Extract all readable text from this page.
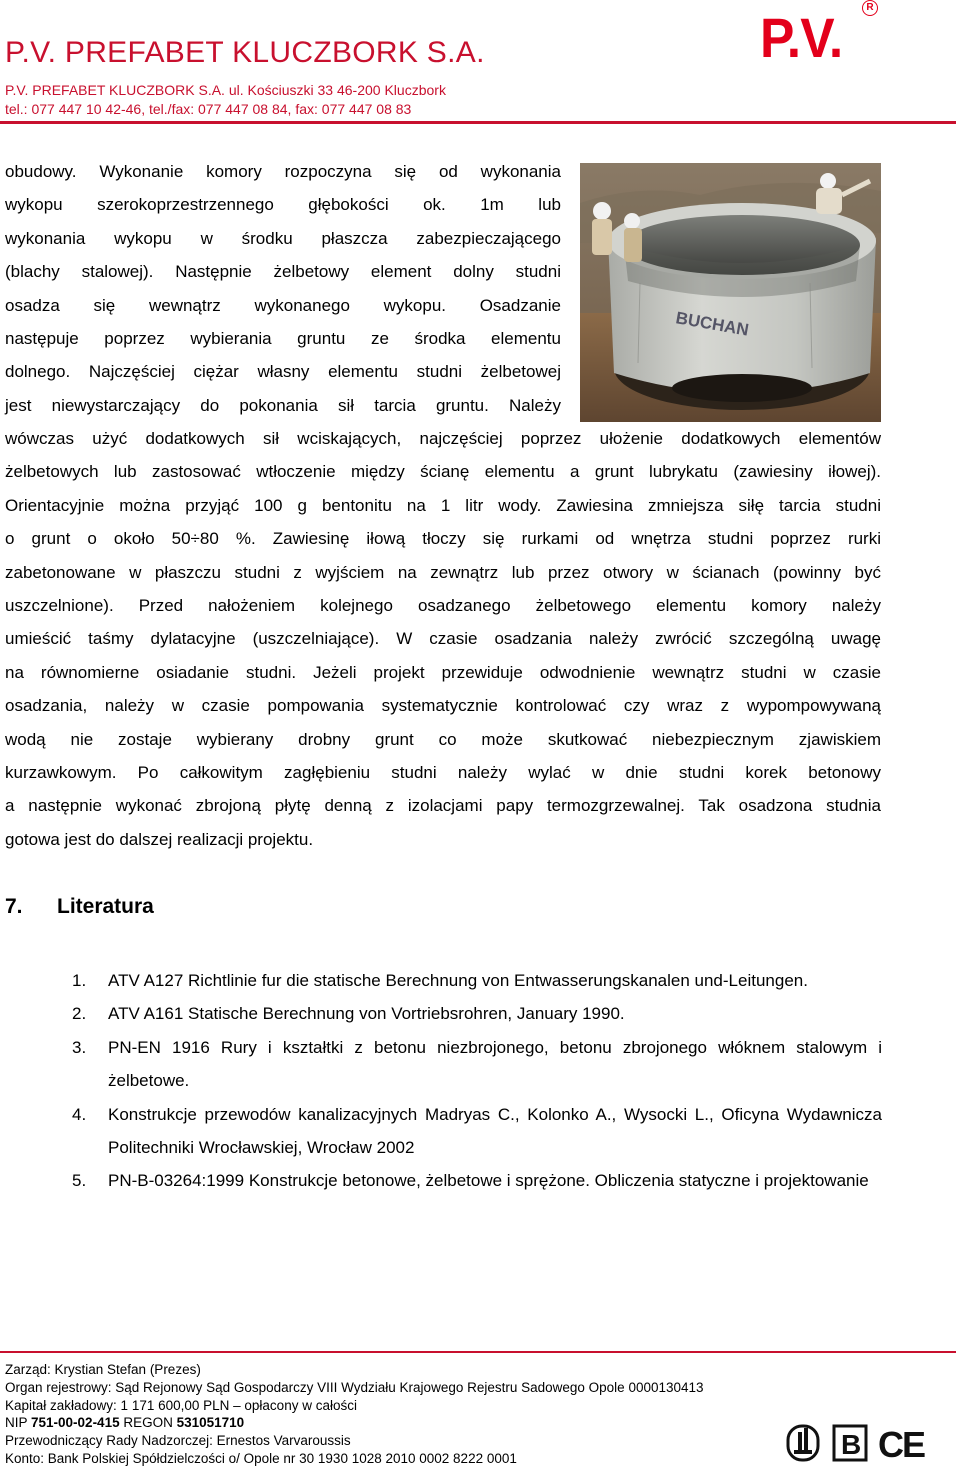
P.V. PREFABET KLUCZBORK S.A.
P.V. PREFABET KLUCZBORK S.A. ul. Kościuszki 33 46-200 Kluczbork
tel.: 077 447 10 42-46, tel./fax: 077 447 08 84, fax: 077 447 08 83
P.V.	R
BUCHAN
obudowy. Wykonanie komory rozpoczyna się od wykonania
wykopu szerokoprzestrzennego głębokości ok. 1m lub
wykonania wykopu w środku płaszcza zabezpieczającego
(blachy stalowej). Następnie żelbetowy element dolny studni
osadza się wewnątrz wykonanego wykopu. Osadzanie
następuje poprzez wybierania gruntu ze środka elementu
dolnego. Najczęściej ciężar własny elementu studni żelbetowej
jest niewystarczający do pokonania sił tarcia gruntu. Należy
wówczas użyć dodatkowych sił wciskających, najczęściej poprzez ułożenie dodatkowych elementów
żelbetowych lub zastosować wtłoczenie między ścianę elementu a grunt lubrykatu (zawiesiny iłowej).
Orientacyjnie można przyjąć 100 g bentonitu na 1 litr wody. Zawiesina zmniejsza siłę tarcia studni
o grunt o około 50÷80 %. Zawiesinę iłową tłoczy się rurkami od wnętrza studni poprzez rurki
zabetonowane w płaszczu studni z wyjściem na zewnątrz lub przez otwory w ścianach (powinny być
uszczelnione). Przed nałożeniem kolejnego osadzanego żelbetowego elementu komory należy
umieścić taśmy dylatacyjne (uszczelniające). W czasie osadzania należy zwrócić szczególną uwagę
na równomierne osiadanie studni. Jeżeli projekt przewiduje odwodnienie wewnątrz studni w czasie
osadzania, należy w czasie pompowania systematycznie kontrolować czy wraz z wypompowywaną
wodą nie zostaje wybierany drobny grunt co może skutkować niebezpiecznym zjawiskiem
kurzawkowym. Po całkowitym zagłębieniu studni należy wylać w dnie studni korek betonowy
a następnie wykonać zbrojoną płytę denną z izolacjami papy termozgrzewalnej. Tak osadzona studnia
gotowa jest do dalszej realizacji projektu.
7. Literatura
1. ATV A127 Richtlinie fur die statische Berechnung von Entwasserungskanalen und-Leitungen.
2. ATV A161 Statische Berechnung von Vortriebsrohren, January 1990.
3. PN-EN 1916 Rury i kształtki z betonu niezbrojonego, betonu zbrojonego włóknem stalowym i żelbetowe.
4. Konstrukcje przewodów kanalizacyjnych Madryas C., Kolonko A., Wysocki L., Oficyna Wydawnicza Politechniki Wrocławskiej, Wrocław 2002
5. PN-B-03264:1999 Konstrukcje betonowe, żelbetowe i sprężone. Obliczenia statyczne i projektowanie
Zarząd: Krystian Stefan (Prezes)
Organ rejestrowy: Sąd Rejonowy Sąd Gospodarczy VIII Wydziału Krajowego Rejestru Sadowego Opole 0000130413
Kapitał zakładowy: 1 171 600,00 PLN – opłacony w całości
NIP 751-00-02-415 REGON 531051710
Przewodniczący Rady Nadzorczej: Ernestos Varvaroussis
Konto: Bank Polskiej Spółdzielczości o/ Opole nr 30 1930 1028 2010 0002 8222 0001	B CE
